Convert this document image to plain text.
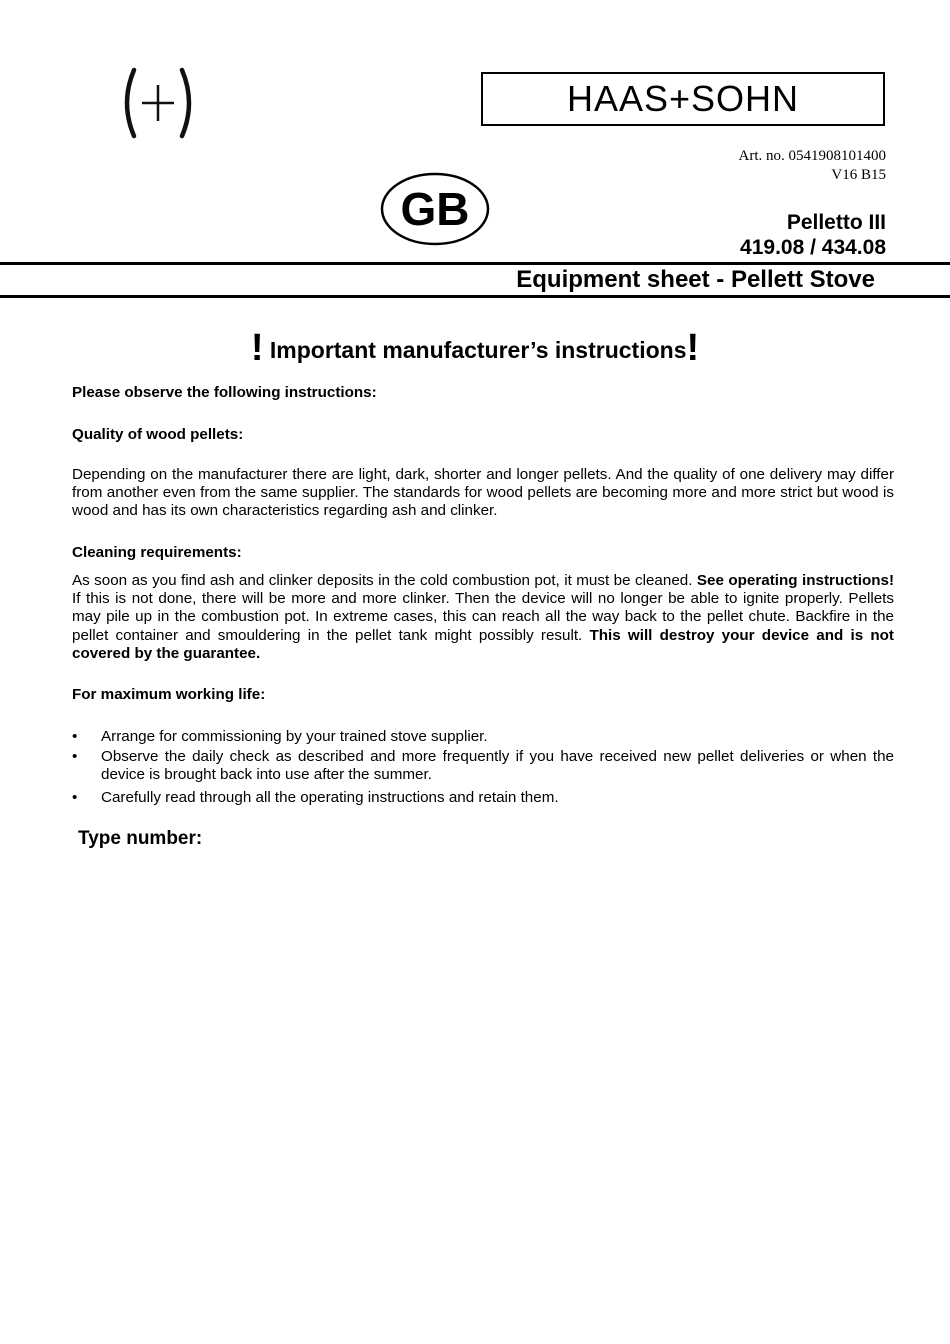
HAAS+SOHN
Art. no. 0541908101400
V16 B15
GB	Pelletto III
419.08 / 434.08
Equipment sheet - Pellett Stove
! Important manufacturer’s instructions!
Please observe the following instructions:
Quality of wood pellets:
Depending on the manufacturer there are light, dark, shorter and longer pellets. And the quality of one delivery may differ from another even from the same supplier. The standards for wood pellets are becoming more and more strict but wood is wood and has its own characteristics regarding ash and clinker.
Cleaning requirements:
As soon as you find ash and clinker deposits in the cold combustion pot, it must be cleaned. See operating instructions! If this is not done, there will be more and more clinker. Then the device will no longer be able to ignite properly. Pellets may pile up in the combustion pot. In extreme cases, this can reach all the way back to the pellet chute. Backfire in the pellet container and smouldering in the pellet tank might possibly result. This will destroy your device and is not covered by the guarantee.
For maximum working life:
• Arrange for commissioning by your trained stove supplier.
• Observe the daily check as described and more frequently if you have received new pellet deliveries or when the device is brought back into use after the summer.
• Carefully read through all the operating instructions and retain them.
Type number:
